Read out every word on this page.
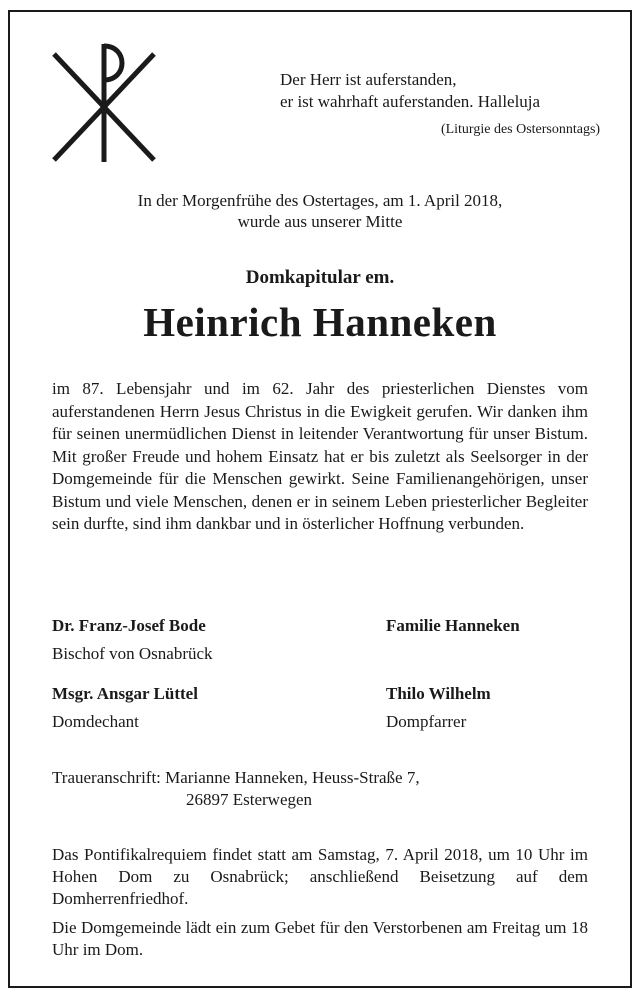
Der Herr ist auferstanden,
er ist wahrhaft auferstanden. Halleluja
(Liturgie des Ostersonntags)
In der Morgenfrühe des Ostertages, am 1. April 2018,
wurde aus unserer Mitte
Domkapitular em.
Heinrich Hanneken
im 87. Lebensjahr und im 62. Jahr des priesterlichen Dienstes vom auferstandenen Herrn Jesus Christus in die Ewigkeit gerufen. Wir danken ihm für seinen unermüdlichen Dienst in leitender Verantwortung für unser Bistum. Mit großer Freude und hohem Einsatz hat er bis zuletzt als Seelsorger in der Domgemeinde für die Menschen gewirkt. Seine Familienangehörigen, unser Bistum und viele Menschen, denen er in seinem Leben priesterlicher Begleiter sein durfte, sind ihm dankbar und in österlicher Hoffnung verbunden.
Dr. Franz-Josef Bode
Bischof von Osnabrück
Familie Hanneken
Msgr. Ansgar Lüttel
Domdechant
Thilo Wilhelm
Dompfarrer
Traueranschrift: Marianne Hanneken, Heuss-Straße 7,
26897 Esterwegen
Das Pontifikalrequiem findet statt am Samstag, 7. April 2018, um 10 Uhr im Hohen Dom zu Osnabrück; anschließend Beisetzung auf dem Domherrenfriedhof.
Die Domgemeinde lädt ein zum Gebet für den Verstorbenen am Freitag um 18 Uhr im Dom.
